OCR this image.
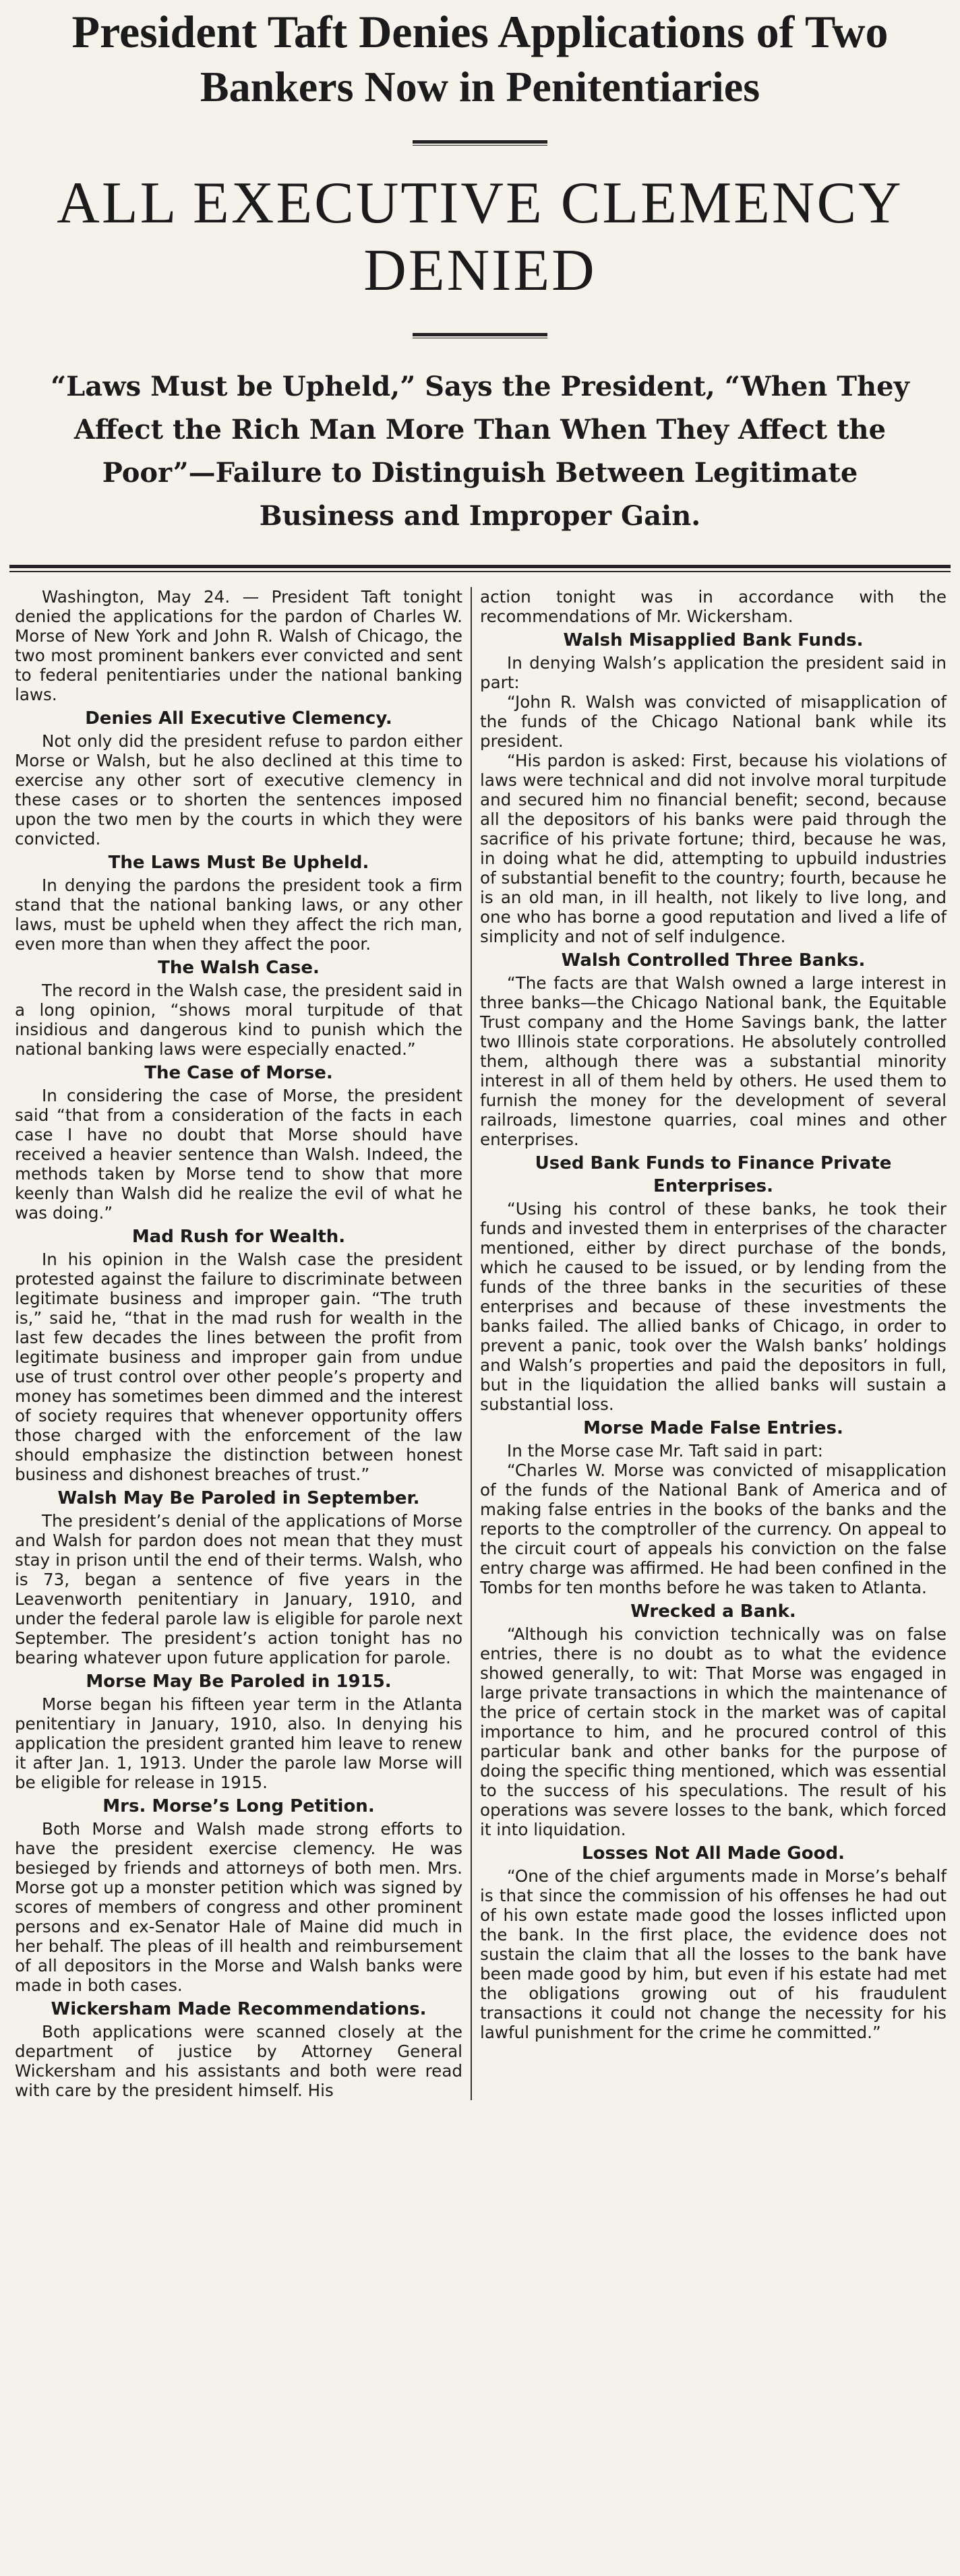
President Taft Denies Applications of Two
Bankers Now in Penitentiaries
ALL EXECUTIVE CLEMENCY DENIED

“Laws Must be Upheld,” Says the President, “When They Affect the Rich Man More Than When They Affect the Poor”—Failure to Distinguish Between Legitimate Business and Improper Gain.

Washington, May 24. — President Taft tonight denied the applications for the pardon of Charles W. Morse of New York and John R. Walsh of Chicago, the two most prominent bankers ever convicted and sent to federal penitentiaries under the national banking laws.

Denies All Executive Clemency.

Not only did the president refuse to pardon either Morse or Walsh, but he also declined at this time to exercise any other sort of executive clemency in these cases or to shorten the sentences imposed upon the two men by the courts in which they were convicted.

The Laws Must Be Upheld.

In denying the pardons the president took a firm stand that the national banking laws, or any other laws, must be upheld when they affect the rich man, even more than when they affect the poor.

The Walsh Case.

The record in the Walsh case, the president said in a long opinion, “shows moral turpitude of that insidious and dangerous kind to punish which the national banking laws were especially enacted.”

The Case of Morse.

In considering the case of Morse, the president said “that from a consideration of the facts in each case I have no doubt that Morse should have received a heavier sentence than Walsh. Indeed, the methods taken by Morse tend to show that more keenly than Walsh did he realize the evil of what he was doing.”

Mad Rush for Wealth.

In his opinion in the Walsh case the president protested against the failure to discriminate between legitimate business and improper gain. “The truth is,” said he, “that in the mad rush for wealth in the last few decades the lines between the profit from legitimate business and improper gain from undue use of trust control over other people’s property and money has sometimes been dimmed and the interest of society requires that whenever opportunity offers those charged with the enforcement of the law should emphasize the distinction between honest business and dishonest breaches of trust.”

Walsh May Be Paroled in September.

The president’s denial of the applications of Morse and Walsh for pardon does not mean that they must stay in prison until the end of their terms. Walsh, who is 73, began a sentence of five years in the Leavenworth penitentiary in January, 1910, and under the federal parole law is eligible for parole next September. The president’s action tonight has no bearing whatever upon future application for parole.

Morse May Be Paroled in 1915.

Morse began his fifteen year term in the Atlanta penitentiary in January, 1910, also. In denying his application the president granted him leave to renew it after Jan. 1, 1913. Under the parole law Morse will be eligible for release in 1915.

Mrs. Morse’s Long Petition.

Both Morse and Walsh made strong efforts to have the president exercise clemency. He was besieged by friends and attorneys of both men. Mrs. Morse got up a monster petition which was signed by scores of members of congress and other prominent persons and ex-Senator Hale of Maine did much in her behalf. The pleas of ill health and reimbursement of all depositors in the Morse and Walsh banks were made in both cases.

Wickersham Made Recommendations.

Both applications were scanned closely at the department of justice by Attorney General Wickersham and his assistants and both were read with care by the president himself. His

action tonight was in accordance with the recommendations of Mr. Wickersham.

Walsh Misapplied Bank Funds.

In denying Walsh’s application the president said in part:

“John R. Walsh was convicted of misapplication of the funds of the Chicago National bank while its president.

“His pardon is asked: First, because his violations of laws were technical and did not involve moral turpitude and secured him no financial benefit; second, because all the depositors of his banks were paid through the sacrifice of his private fortune; third, because he was, in doing what he did, attempting to upbuild industries of substantial benefit to the country; fourth, because he is an old man, in ill health, not likely to live long, and one who has borne a good reputation and lived a life of simplicity and not of self indulgence.

Walsh Controlled Three Banks.

“The facts are that Walsh owned a large interest in three banks—the Chicago National bank, the Equitable Trust company and the Home Savings bank, the latter two Illinois state corporations. He absolutely controlled them, although there was a substantial minority interest in all of them held by others. He used them to furnish the money for the development of several railroads, limestone quarries, coal mines and other enterprises.

Used Bank Funds to Finance Private Enterprises.

“Using his control of these banks, he took their funds and invested them in enterprises of the character mentioned, either by direct purchase of the bonds, which he caused to be issued, or by lending from the funds of the three banks in the securities of these enterprises and because of these investments the banks failed. The allied banks of Chicago, in order to prevent a panic, took over the Walsh banks’ holdings and Walsh’s properties and paid the depositors in full, but in the liquidation the allied banks will sustain a substantial loss.

Morse Made False Entries.

In the Morse case Mr. Taft said in part:

“Charles W. Morse was convicted of misapplication of the funds of the National Bank of America and of making false entries in the books of the banks and the reports to the comptroller of the currency. On appeal to the circuit court of appeals his conviction on the false entry charge was affirmed. He had been confined in the Tombs for ten months before he was taken to Atlanta.

Wrecked a Bank.

“Although his conviction technically was on false entries, there is no doubt as to what the evidence showed generally, to wit: That Morse was engaged in large private transactions in which the maintenance of the price of certain stock in the market was of capital importance to him, and he procured control of this particular bank and other banks for the purpose of doing the specific thing mentioned, which was essential to the success of his speculations. The result of his operations was severe losses to the bank, which forced it into liquidation.

Losses Not All Made Good.

“One of the chief arguments made in Morse’s behalf is that since the commission of his offenses he had out of his own estate made good the losses inflicted upon the bank. In the first place, the evidence does not sustain the claim that all the losses to the bank have been made good by him, but even if his estate had met the obligations growing out of his fraudulent transactions it could not change the necessity for his lawful punishment for the crime he committed.”
